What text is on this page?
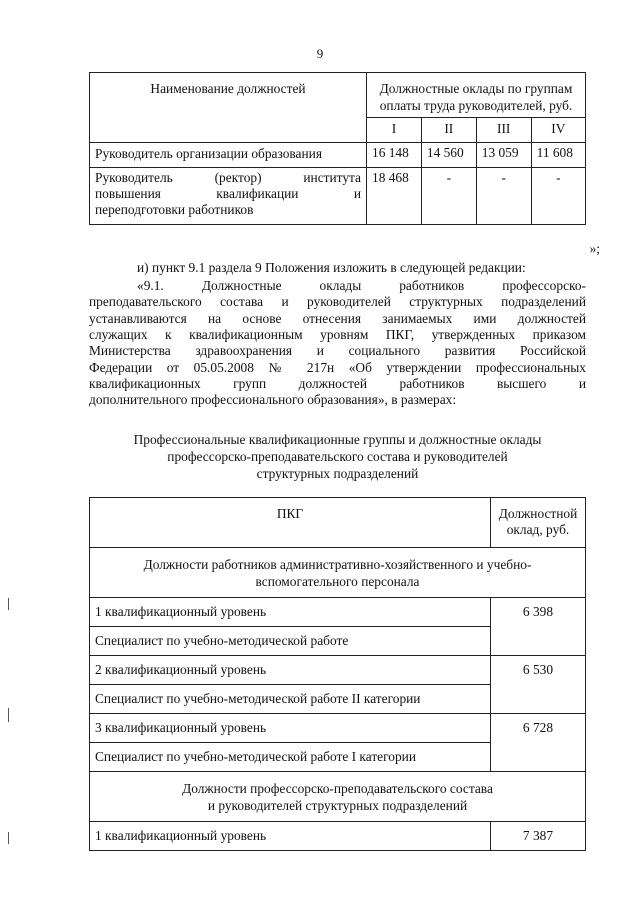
9
Наименование должностей	Должностные оклады по группам
оплаты труда руководителей, руб.			
	I	II	III	IV
Руководитель организации образования	16 148	14 560	13 059	11 608

Руководитель (ректор) института
повышения квалификации и
переподготовки работников	18 468	-	-	-
»;
и) пункт 9.1 раздела 9 Положения изложить в следующей редакции:
«9.1. Должностные оклады работников профессорско-
преподавательского состава и руководителей структурных подразделений
устанавливаются на основе отнесения занимаемых ими должностей
служащих к квалификационным уровням ПКГ, утвержденных приказом
Министерства здравоохранения и социального развития Российской
Федерации от 05.05.2008 № 217н «Об утверждении профессиональных
квалификационных групп должностей работников высшего и
дополнительного профессионального образования», в размерах:
Профессиональные квалификационные группы и должностные оклады
профессорско-преподавательского состава и руководителей
структурных подразделений
ПКГ	Должностной
оклад, руб.
Должности работников административно-хозяйственного и учебно-
вспомогательного персонала	
1 квалификационный уровень	6 398
Специалист по учебно-методической работе	
2 квалификационный уровень	6 530
Специалист по учебно-методической работе II категории	
3 квалификационный уровень	6 728
Специалист по учебно-методической работе I категории	
Должности профессорско-преподавательского состава
и руководителей структурных подразделений	
1 квалификационный уровень	7 387
